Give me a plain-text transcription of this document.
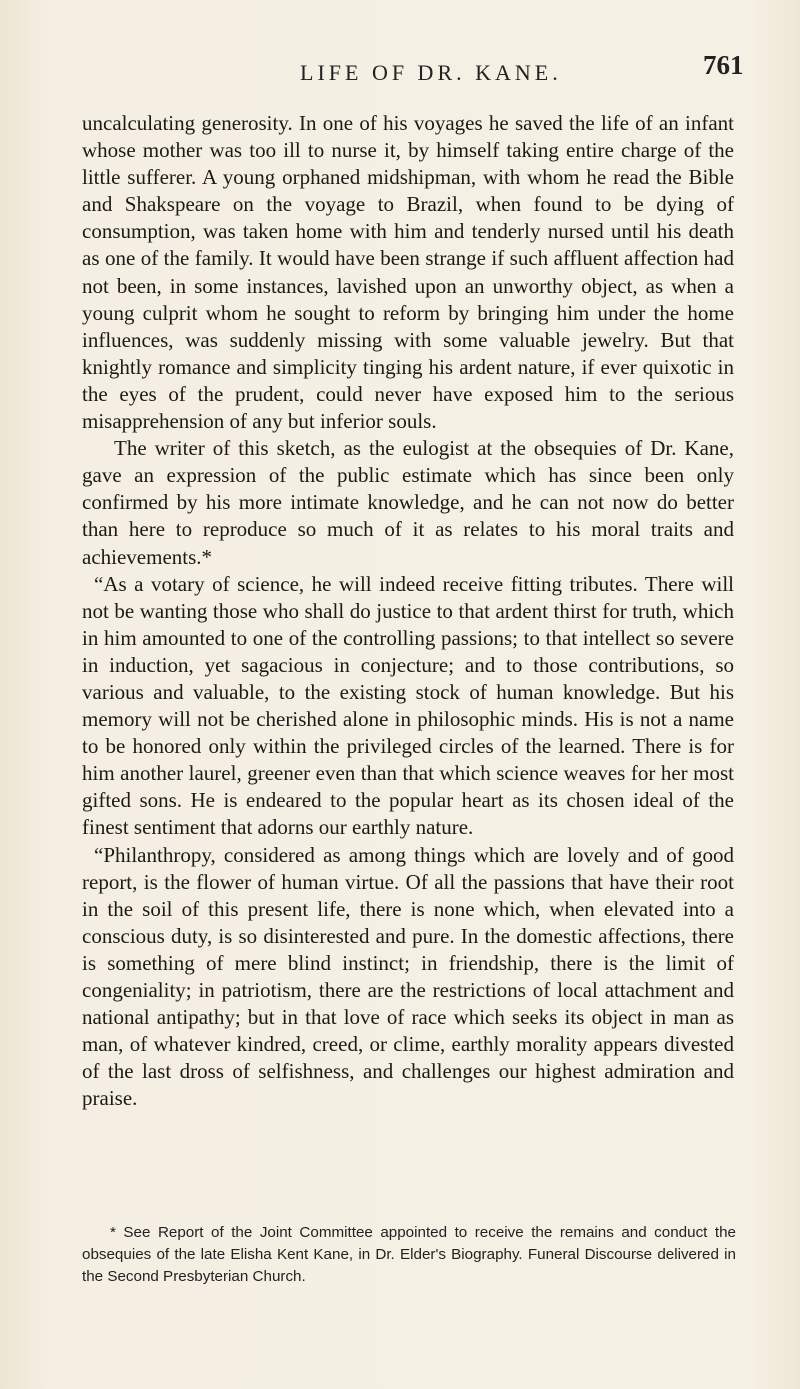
LIFE OF DR. KANE.	761

uncalculating generosity. In one of his voyages he saved the life of an infant whose mother was too ill to nurse it, by himself taking entire charge of the little sufferer. A young orphaned midshipman, with whom he read the Bible and Shakspeare on the voyage to Brazil, when found to be dying of consumption, was taken home with him and tenderly nursed until his death as one of the family. It would have been strange if such affluent affection had not been, in some instances, lavished upon an unworthy object, as when a young culprit whom he sought to reform by bringing him under the home influences, was suddenly missing with some valuable jewelry. But that knightly romance and simplicity tinging his ardent nature, if ever quixotic in the eyes of the prudent, could never have exposed him to the serious misapprehension of any but inferior souls.

The writer of this sketch, as the eulogist at the obsequies of Dr. Kane, gave an expression of the public estimate which has since been only confirmed by his more intimate knowledge, and he can not now do better than here to reproduce so much of it as relates to his moral traits and achievements.*

“As a votary of science, he will indeed receive fitting tributes. There will not be wanting those who shall do justice to that ardent thirst for truth, which in him amounted to one of the controlling passions; to that intellect so severe in induction, yet sagacious in conjecture; and to those contributions, so various and valuable, to the existing stock of human knowledge. But his memory will not be cherished alone in philosophic minds. His is not a name to be honored only within the privileged circles of the learned. There is for him another laurel, greener even than that which science weaves for her most gifted sons. He is endeared to the popular heart as its chosen ideal of the finest sentiment that adorns our earthly nature.

“Philanthropy, considered as among things which are lovely and of good report, is the flower of human virtue. Of all the passions that have their root in the soil of this present life, there is none which, when elevated into a conscious duty, is so disinterested and pure. In the domestic affections, there is something of mere blind instinct; in friendship, there is the limit of congeniality; in patriotism, there are the restrictions of local attachment and national antipathy; but in that love of race which seeks its object in man as man, of whatever kindred, creed, or clime, earthly morality appears divested of the last dross of selfishness, and challenges our highest admiration and praise.

* See Report of the Joint Committee appointed to receive the remains and conduct the obsequies of the late Elisha Kent Kane, in Dr. Elder's Biography. Funeral Discourse delivered in the Second Presbyterian Church.
